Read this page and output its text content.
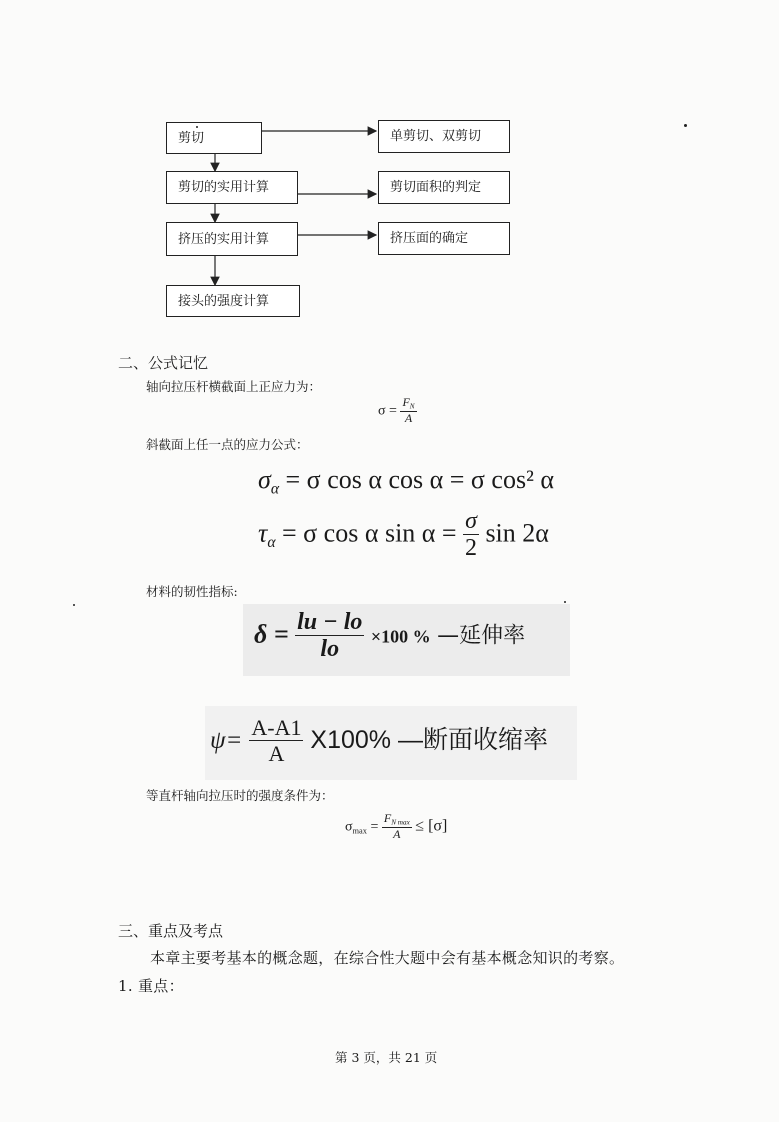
剪切
剪切的实用计算
挤压的实用计算
接头的强度计算
单剪切、双剪切
剪切面积的判定
挤压面的确定
二、公式记忆
轴向拉压杆横截面上正应力为：
$\sigma = \frac{F_N}{A}$
斜截面上任一点的应力公式：
$\sigma_\alpha = \sigma$ cos α cos α = σ cos² α
$\tau_\alpha = \sigma$ cos α $\sin \alpha = \frac{\sigma}{2}$ sin 2α
材料的韧性指标:
$\delta = \frac{lu - lo}{lo} \times 100$ % —延伸率
$\psi= \frac{A-A1}{A} X100\%$ —断面收缩率
等直杆轴向拉压时的强度条件为：
$\sigma_{max} = \frac{F_{N max}}{A} \le [\sigma]$
三、重点及考点
本章主要考基本的概念题，在综合性大题中会有基本概念知识的考察。
1. 重点：
第 3 页，共 21 页
